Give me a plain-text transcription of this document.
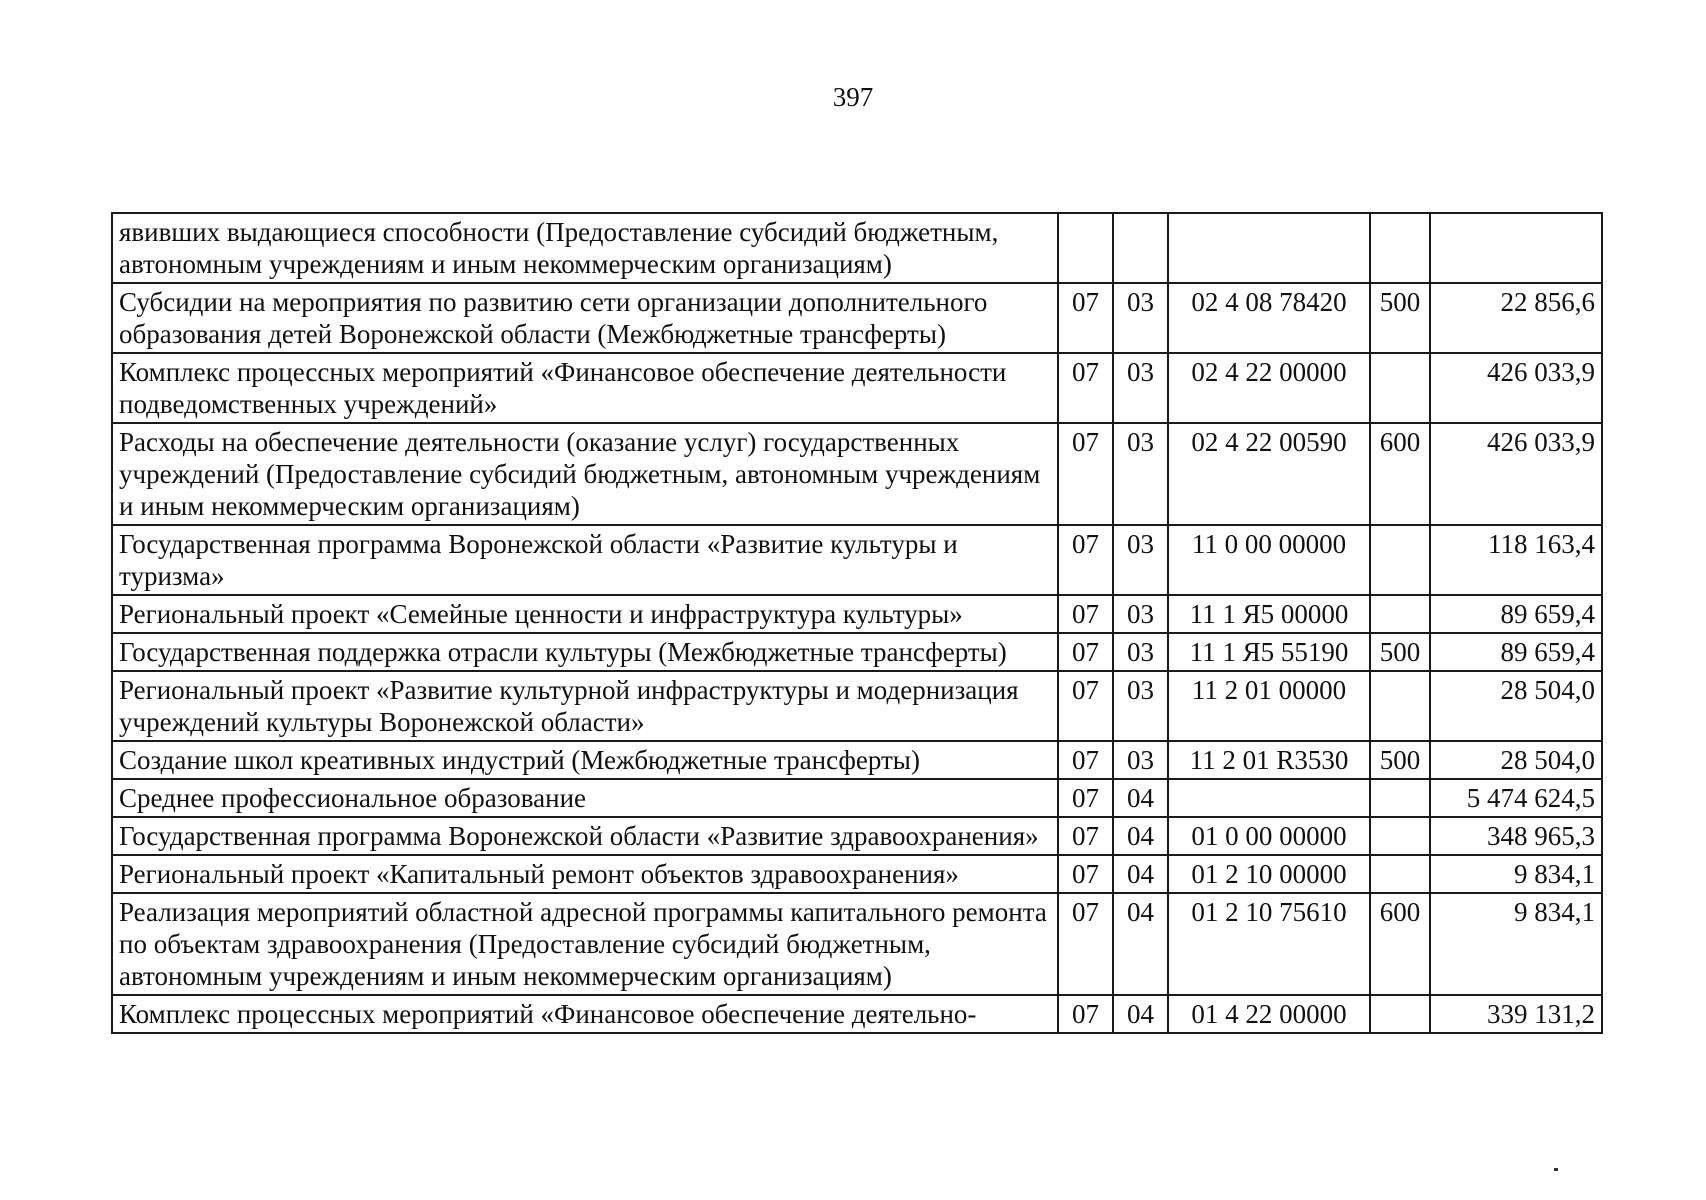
397
явивших выдающиеся способности (Предоставление субсидий бюджетным, автономным учреждениям и иным некоммерческим организациям)					
Субсидии на мероприятия по развитию сети организации дополнительного образования детей Воронежской области (Межбюджетные трансферты)	07	03	02 4 08 78420	500	22 856,6
Комплекс процессных мероприятий «Финансовое обеспечение деятельности подведомственных учреждений»	07	03	02 4 22 00000		426 033,9
Расходы на обеспечение деятельности (оказание услуг) государственных учреждений (Предоставление субсидий бюджетным, автономным учреждениям и иным некоммерческим организациям)	07	03	02 4 22 00590	600	426 033,9
Государственная программа Воронежской области «Развитие культуры и туризма»	07	03	11 0 00 00000		118 163,4
Региональный проект «Семейные ценности и инфраструктура культуры»	07	03	11 1 Я5 00000		89 659,4
Государственная поддержка отрасли культуры (Межбюджетные трансферты)	07	03	11 1 Я5 55190	500	89 659,4
Региональный проект «Развитие культурной инфраструктуры и модернизация учреждений культуры Воронежской области»	07	03	11 2 01 00000		28 504,0
Создание школ креативных индустрий (Межбюджетные трансферты)	07	03	11 2 01 R3530	500	28 504,0
Среднее профессиональное образование	07	04			5 474 624,5
Государственная программа Воронежской области «Развитие здравоохранения»	07	04	01 0 00 00000		348 965,3
Региональный проект «Капитальный ремонт объектов здравоохранения»	07	04	01 2 10 00000		9 834,1
Реализация мероприятий областной адресной программы капитального ремонта по объектам здравоохранения (Предоставление субсидий бюджетным, автономным учреждениям и иным некоммерческим организациям)	07	04	01 2 10 75610	600	9 834,1
Комплекс процессных мероприятий «Финансовое обеспечение деятельно-	07	04	01 4 22 00000		339 131,2
